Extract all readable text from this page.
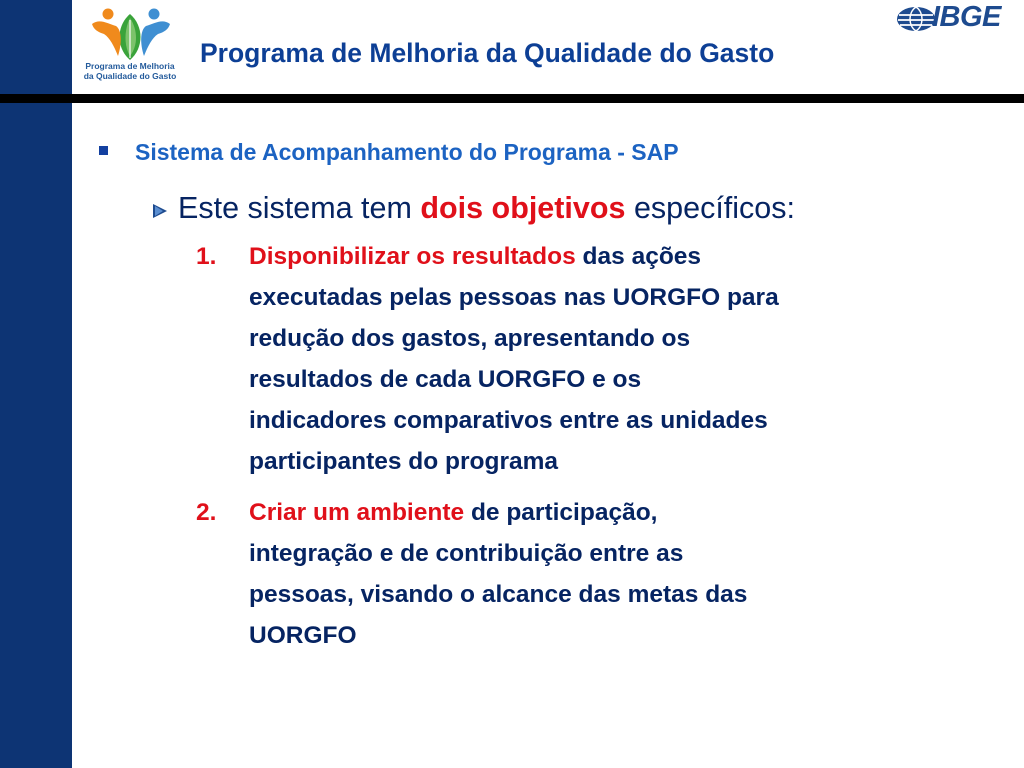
Programa de Melhoria
da Qualidade do Gasto
Programa de Melhoria da Qualidade do Gasto
IBGE
Sistema de Acompanhamento do Programa - SAP
Este sistema tem dois objetivos específicos:
1. Disponibilizar os resultados das ações
executadas pelas pessoas nas UORGFO para
redução dos gastos, apresentando os
resultados de cada UORGFO e os
indicadores comparativos entre as unidades
participantes do programa
2. Criar um ambiente de participação,
integração e de contribuição entre as
pessoas, visando o alcance das metas das
UORGFO
